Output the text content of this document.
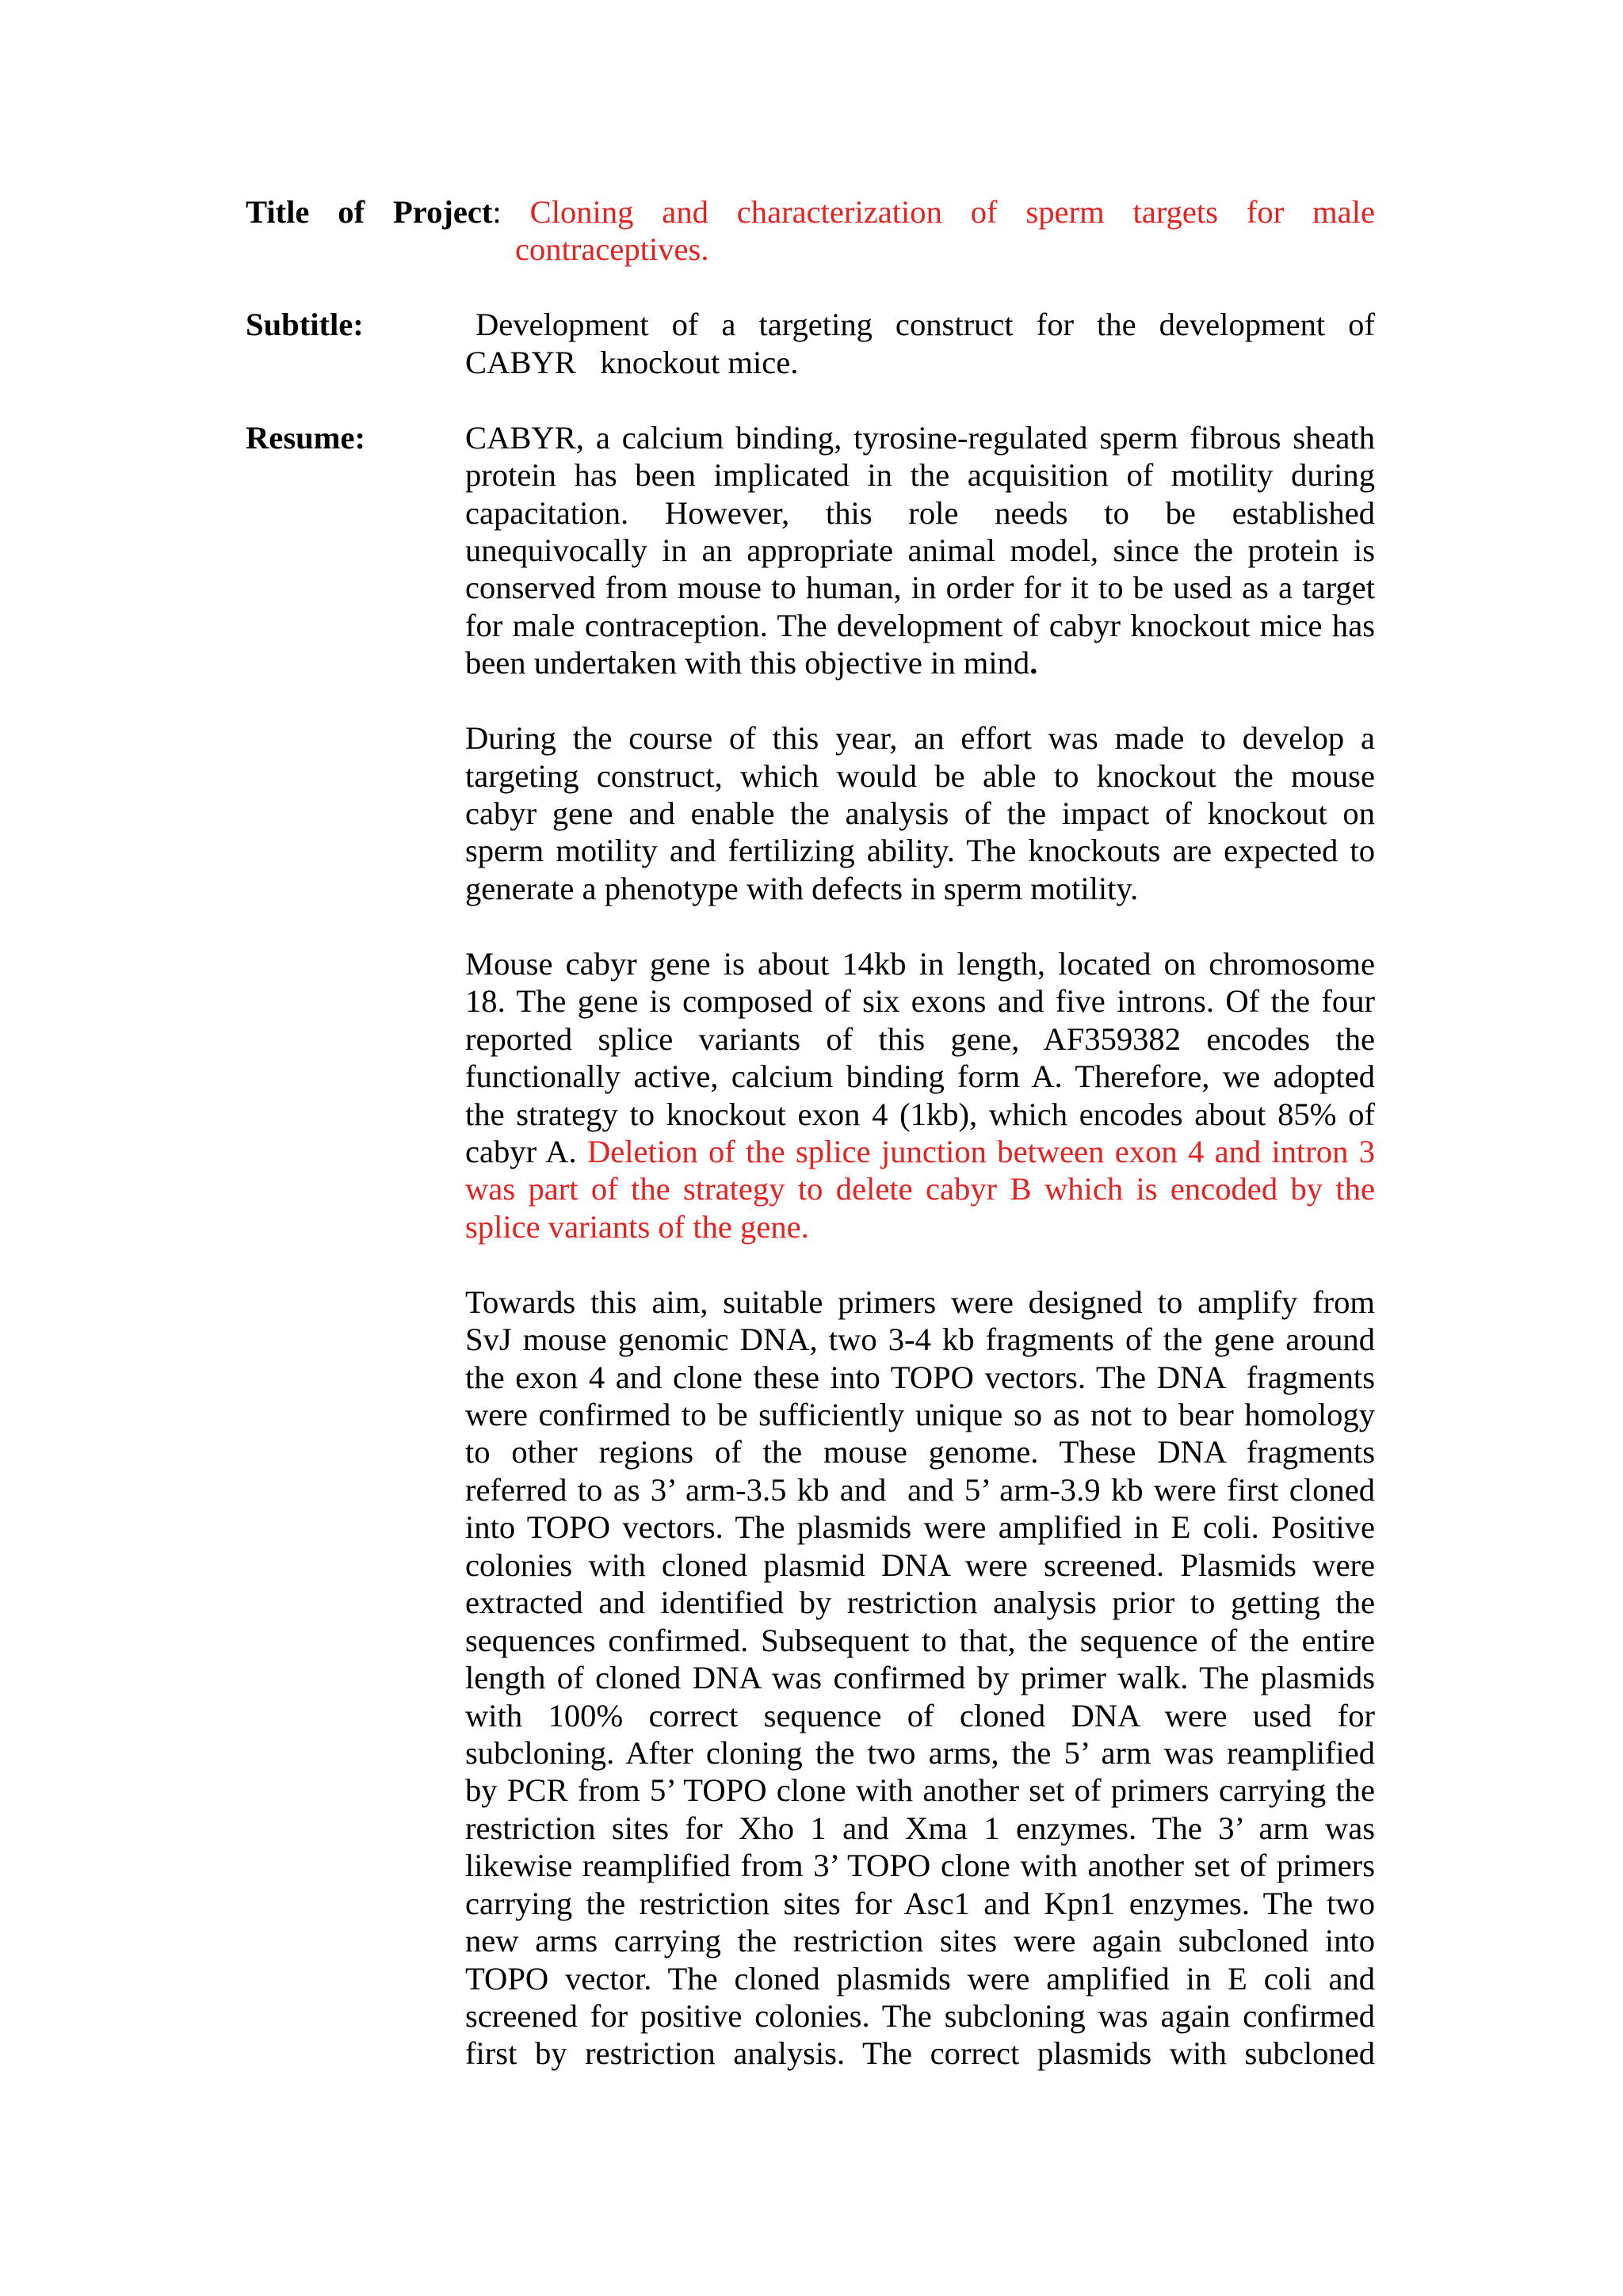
Title of Project: Cloning and characterization of sperm targets for male
contraceptives.
Subtitle:	Development of a targeting construct for the development of
CABYR   knockout mice.
Resume:	CABYR, a calcium binding, tyrosine-regulated sperm fibrous sheath
protein has been implicated in the acquisition of motility during
capacitation. However, this role needs to be established
unequivocally in an appropriate animal model, since the protein is
conserved from mouse to human, in order for it to be used as a target
for male contraception. The development of cabyr knockout mice has
been undertaken with this objective in mind.
During the course of this year, an effort was made to develop a
targeting construct, which would be able to knockout the mouse
cabyr gene and enable the analysis of the impact of knockout on
sperm motility and fertilizing ability. The knockouts are expected to
generate a phenotype with defects in sperm motility.
Mouse cabyr gene is about 14kb in length, located on chromosome
18. The gene is composed of six exons and five introns. Of the four
reported splice variants of this gene, AF359382 encodes the
functionally active, calcium binding form A. Therefore, we adopted
the strategy to knockout exon 4 (1kb), which encodes about 85% of
cabyr A. Deletion of the splice junction between exon 4 and intron 3
was part of the strategy to delete cabyr B which is encoded by the
splice variants of the gene.
Towards this aim, suitable primers were designed to amplify from
SvJ mouse genomic DNA, two 3-4 kb fragments of the gene around
the exon 4 and clone these into TOPO vectors. The DNA  fragments
were confirmed to be sufficiently unique so as not to bear homology
to other regions of the mouse genome. These DNA fragments
referred to as 3’ arm-3.5 kb and  and 5’ arm-3.9 kb were first cloned
into TOPO vectors. The plasmids were amplified in E coli. Positive
colonies with cloned plasmid DNA were screened. Plasmids were
extracted and identified by restriction analysis prior to getting the
sequences confirmed. Subsequent to that, the sequence of the entire
length of cloned DNA was confirmed by primer walk. The plasmids
with 100% correct sequence of cloned DNA were used for
subcloning. After cloning the two arms, the 5’ arm was reamplified
by PCR from 5’ TOPO clone with another set of primers carrying the
restriction sites for Xho 1 and Xma 1 enzymes. The 3’ arm was
likewise reamplified from 3’ TOPO clone with another set of primers
carrying the restriction sites for Asc1 and Kpn1 enzymes. The two
new arms carrying the restriction sites were again subcloned into
TOPO vector. The cloned plasmids were amplified in E coli and
screened for positive colonies. The subcloning was again confirmed
first by restriction analysis. The correct plasmids with subcloned
